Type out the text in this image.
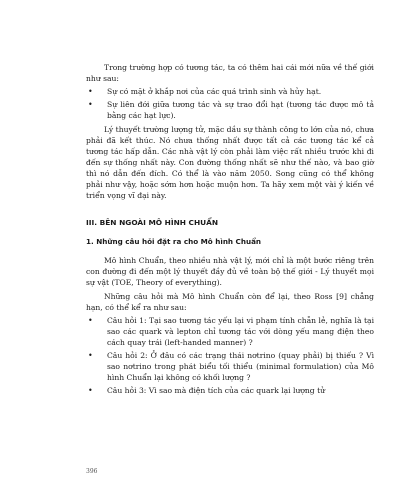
Trong trường hợp có tương tác, ta có thêm hai cái mới nữa về thế giới như sau:

• Sự có mặt ở khắp nơi của các quá trình sinh và hủy hạt.
• Sự liên đới giữa tương tác và sự trao đổi hạt (tương tác được mô tả bằng các hạt lực).

Lý thuyết trường lượng tử, mặc dầu sự thành công to lớn của nó, chưa phải đã kết thúc. Nó chưa thống nhất được tất cả các tương tác kể cả tương tác hấp dẫn. Các nhà vật lý còn phải làm việc rất nhiều trước khi đi đến sự thống nhất này. Con đường thống nhất sẽ như thế nào, và bao giờ thì nó dẫn đến đích. Có thể là vào năm 2050. Song cũng có thể không phải như vậy, hoặc sớm hơn hoặc muộn hơn. Ta hãy xem một vài ý kiến về triển vọng vĩ đại này.

III. BÊN NGOÀI MÔ HÌNH CHUẨN
1. Những câu hỏi đặt ra cho Mô hình Chuẩn

Mô hình Chuẩn, theo nhiều nhà vật lý, mới chỉ là một bước riêng trên con đường đi đến một lý thuyết đầy đủ về toàn bộ thế giới - Lý thuyết mọi sự vật (TOE, Theory of everything).

Những câu hỏi mà Mô hình Chuẩn còn để lại, theo Ross [9] chẳng hạn, có thể kể ra như sau:

• Câu hỏi 1: Tại sao tương tác yếu lại vi phạm tính chẵn lẻ, nghĩa là tại sao các quark và lepton chỉ tương tác với dòng yếu mang điện theo cách quay trái (left-handed manner) ?
• Câu hỏi 2: Ở đâu có các trạng thái nơtrino (quay phải) bị thiếu ? Vì sao nơtrino trong phát biểu tối thiểu (minimal formulation) của Mô hình Chuẩn lại không có khối lượng ?
• Câu hỏi 3: Vì sao mà điện tích của các quark lại lượng tử
396
